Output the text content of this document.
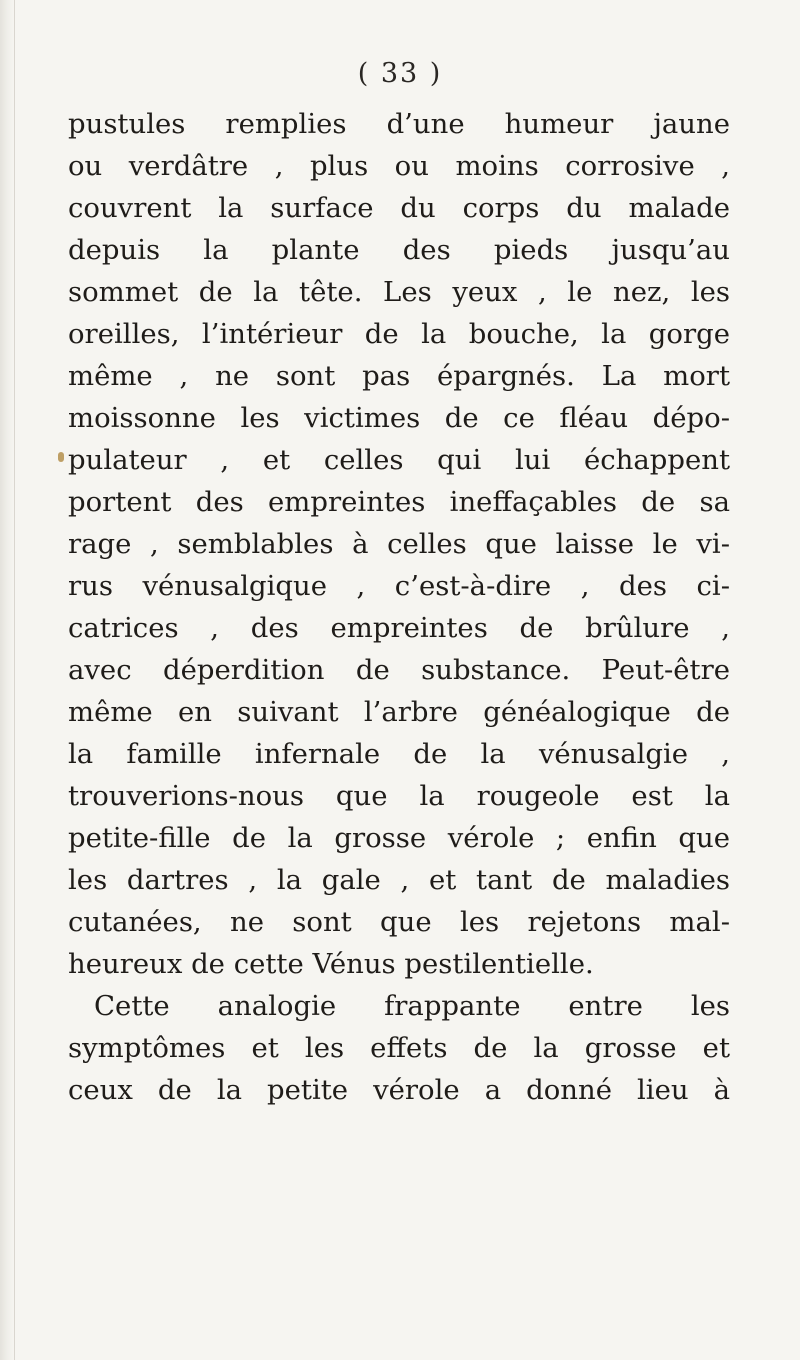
( 33 )
pustules remplies d’une humeur jaune
ou verdâtre , plus ou moins corrosive ,
couvrent la surface du corps du malade
depuis la plante des pieds jusqu’au
sommet de la tête. Les yeux , le nez, les
oreilles, l’intérieur de la bouche, la gorge
même , ne sont pas épargnés. La mort
moissonne les victimes de ce fléau dépo-
pulateur , et celles qui lui échappent
portent des empreintes ineffaçables de sa
rage , semblables à celles que laisse le vi-
rus vénusalgique , c’est-à-dire , des ci-
catrices , des empreintes de brûlure ,
avec déperdition de substance. Peut-être
même en suivant l’arbre généalogique de
la famille infernale de la vénusalgie ,
trouverions-nous que la rougeole est la
petite-fille de la grosse vérole ; enfin que
les dartres , la gale , et tant de maladies
cutanées, ne sont que les rejetons mal-
heureux de cette Vénus pestilentielle.
Cette analogie frappante entre les
symptômes et les effets de la grosse et
ceux de la petite vérole a donné lieu à
